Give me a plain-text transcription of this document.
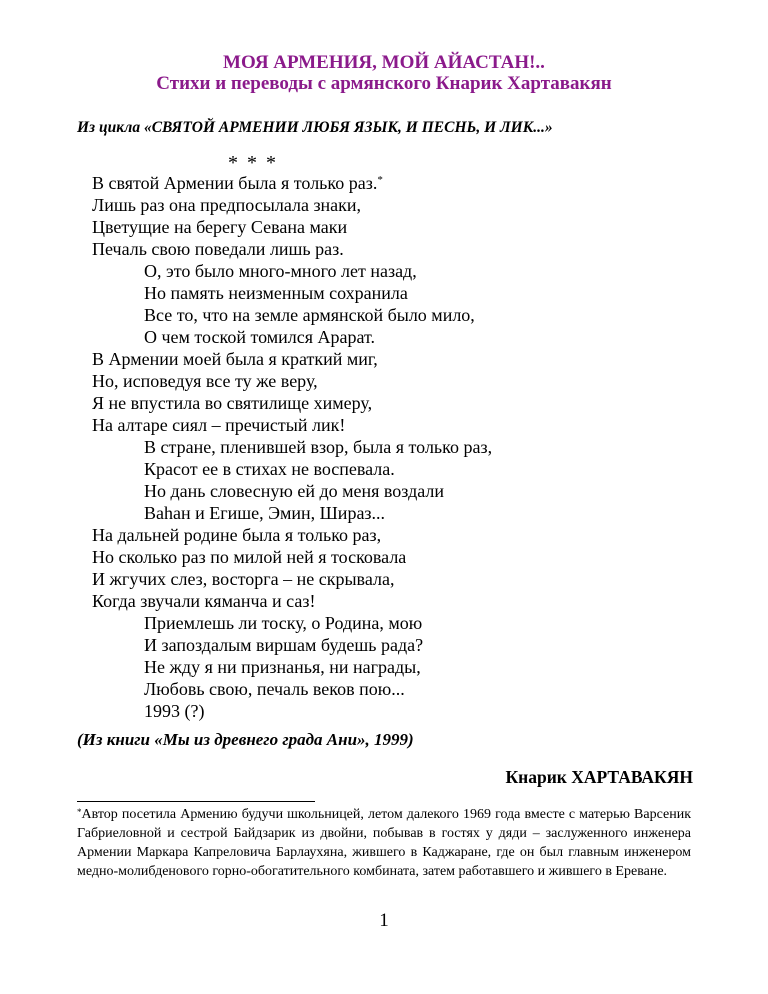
МОЯ АРМЕНИЯ, МОЙ АЙАСТАН!..
Стихи и переводы с армянского Кнарик Хартавакян
Из цикла «СВЯТОЙ АРМЕНИИ ЛЮБЯ ЯЗЫК, И ПЕСНЬ, И ЛИК...»
* * *
В святой Армении была я только раз.*
Лишь раз она предпосылала знаки,
Цветущие на берегу Севана маки
Печаль свою поведали лишь раз.
О, это было много-много лет назад,
Но память неизменным сохранила
Все то, что на земле армянской было мило,
О чем тоской томился Арарат.
В Армении моей была я краткий миг,
Но, исповедуя все ту же веру,
Я не впустила во святилище химеру,
На алтаре сиял – пречистый лик!
В стране, пленившей взор, была я только раз,
Красот ее в стихах не воспевала.
Но дань словесную ей до меня воздали
Ваhан и Егише, Эмин, Шираз...
На дальней родине была я только раз,
Но сколько раз по милой ней я тосковала
И жгучих слез, восторга – не скрывала,
Когда звучали кяманча и саз!
Приемлешь ли тоску, о Родина, мою
И запоздалым виршам будешь рада?
Не жду я ни признанья, ни награды,
Любовь свою, печаль веков пою...
1993 (?)
(Из книги «Мы из древнего града Ани», 1999)
Кнарик ХАРТАВАКЯН
*Автор посетила Армению будучи школьницей, летом далекого 1969 года вместе с матерью Варсеник Габриеловной и сестрой Байдзарик из двойни, побывав в гостях у дяди – заслуженного инженера Армении Маркара Капреловича Барлаухяна, жившего в Каджаране, где он был главным инженером медно-молибденового горно-обогатительного комбината, затем работавшего и жившего в Ереване.
1
